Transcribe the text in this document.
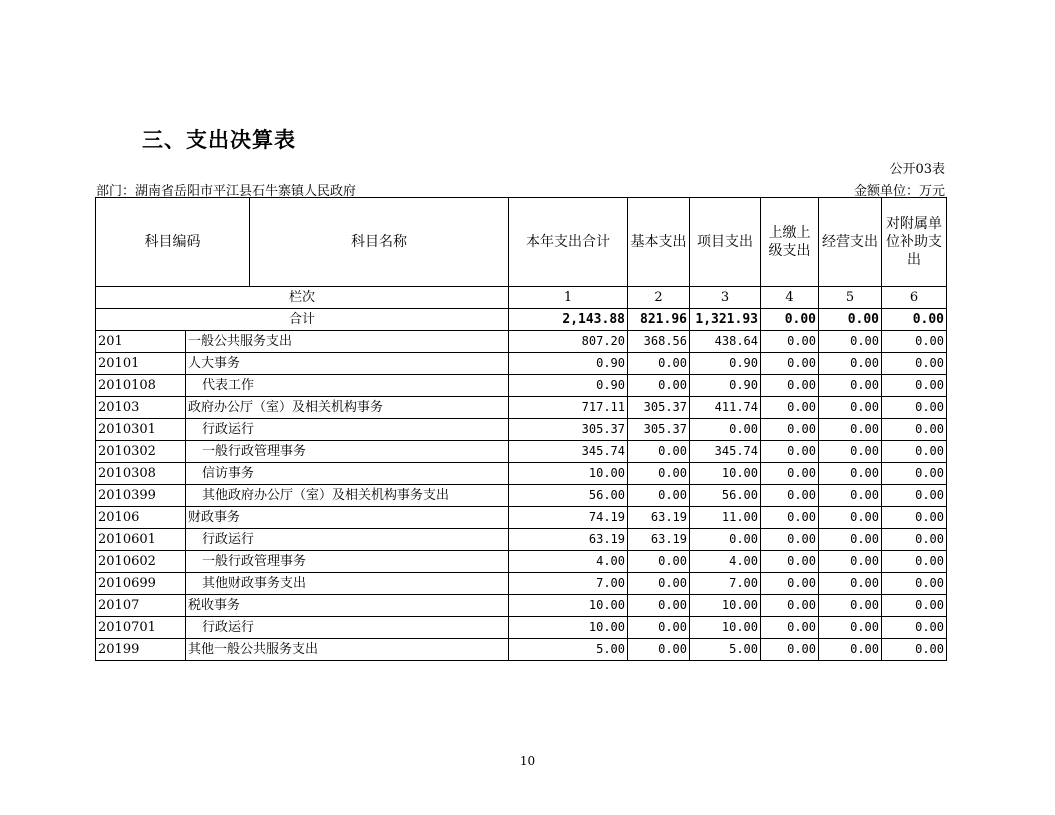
三、支出决算表
公开03表
部门：湖南省岳阳市平江县石牛寨镇人民政府	金额单位：万元
科目编码		科目名称	本年支出合计	基本支出	项目支出	上缴上级支出	经营支出	对附属单位补助支出
栏次			1	2	3	4	5	6
合计			2,143.88	821.96	1,321.93	0.00	0.00	0.00
201	一般公共服务支出		807.20	368.56	438.64	0.00	0.00	0.00
20101	人大事务		0.90	0.00	0.90	0.00	0.00	0.00
2010108	代表工作		0.90	0.00	0.90	0.00	0.00	0.00
20103	政府办公厅（室）及相关机构事务		717.11	305.37	411.74	0.00	0.00	0.00
2010301	行政运行		305.37	305.37	0.00	0.00	0.00	0.00
2010302	一般行政管理事务		345.74	0.00	345.74	0.00	0.00	0.00
2010308	信访事务		10.00	0.00	10.00	0.00	0.00	0.00
2010399	其他政府办公厅（室）及相关机构事务支出		56.00	0.00	56.00	0.00	0.00	0.00
20106	财政事务		74.19	63.19	11.00	0.00	0.00	0.00
2010601	行政运行		63.19	63.19	0.00	0.00	0.00	0.00
2010602	一般行政管理事务		4.00	0.00	4.00	0.00	0.00	0.00
2010699	其他财政事务支出		7.00	0.00	7.00	0.00	0.00	0.00
20107	税收事务		10.00	0.00	10.00	0.00	0.00	0.00
2010701	行政运行		10.00	0.00	10.00	0.00	0.00	0.00
20199	其他一般公共服务支出		5.00	0.00	5.00	0.00	0.00	0.00
10
